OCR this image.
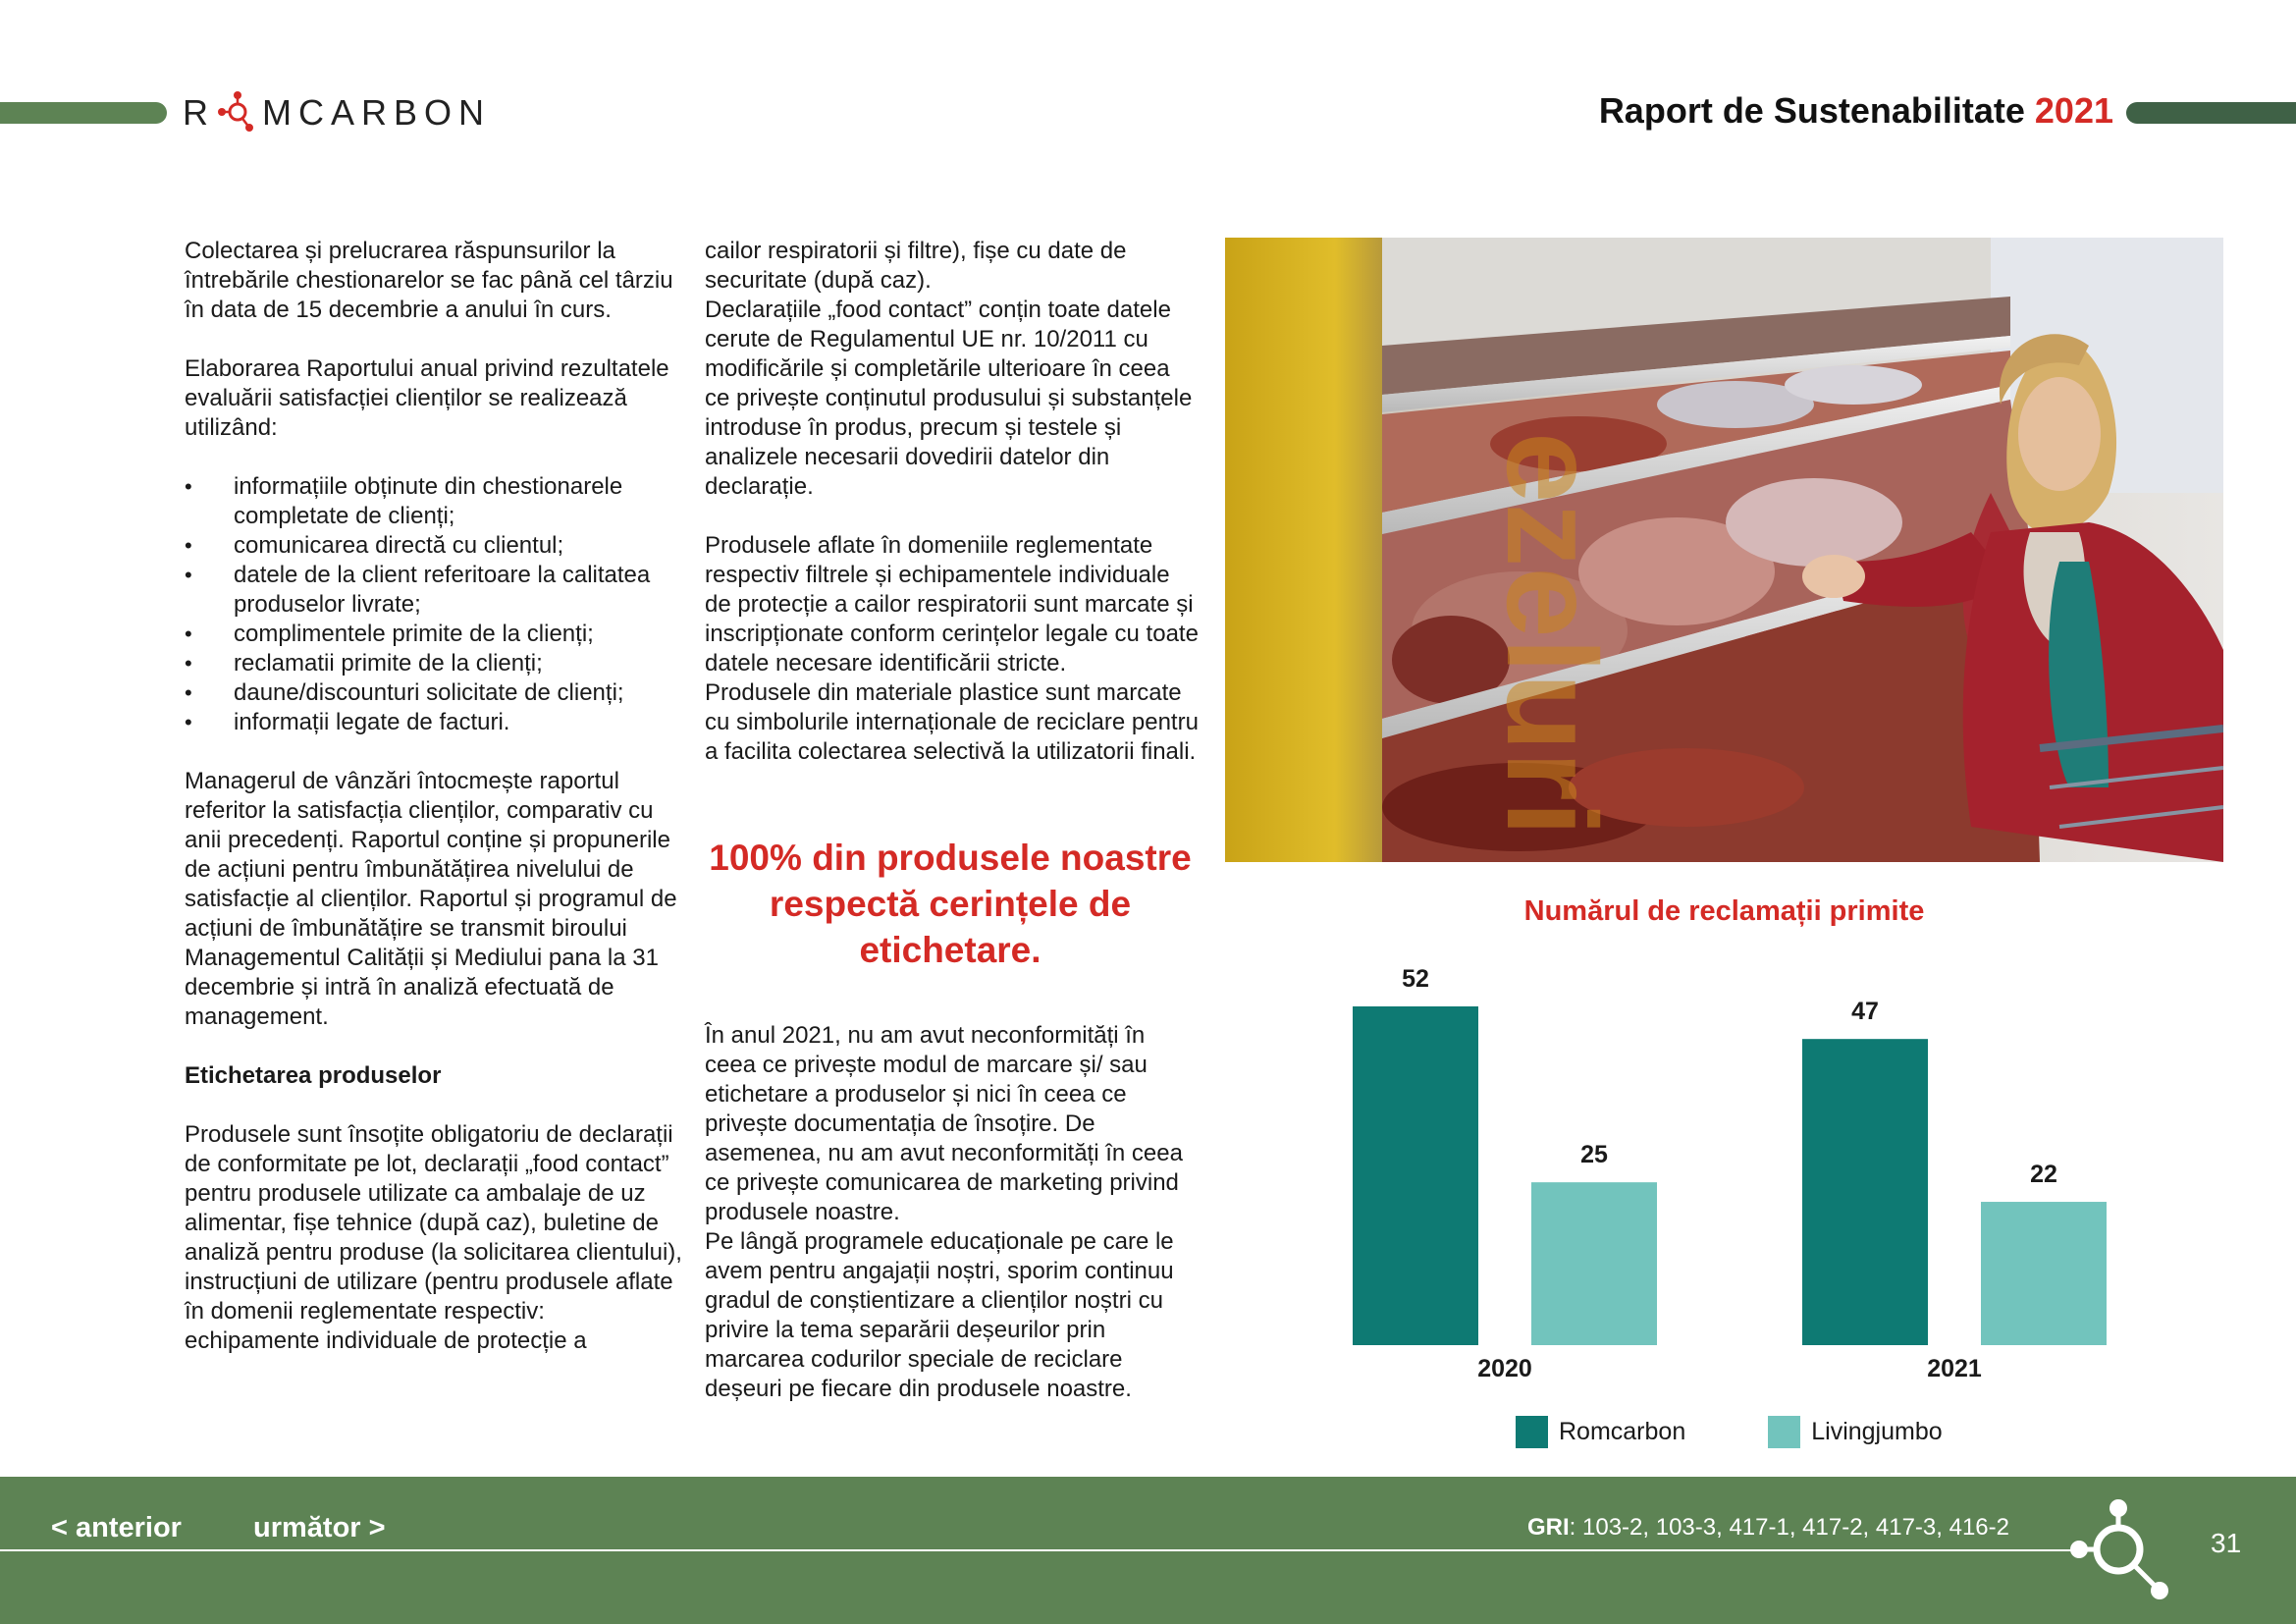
R MCARBON	Raport de Sustenabilitate 2021

Colectarea și prelucrarea răspunsurilor la întrebările chestionarelor se fac până cel târziu în data de 15 decembrie a anului în curs.

Elaborarea Raportului anual privind rezultatele evaluării satisfacției clienților se realizează utilizând:

• informațiile obținute din chestionarele completate de clienți;
• comunicarea directă cu clientul;
• datele de la client referitoare la calitatea produselor livrate;
• complimentele primite de la clienți;
• reclamatii primite de la clienți;
• daune/discounturi solicitate de clienți;
• informații legate de facturi.

Managerul de vânzări întocmește raportul referitor la satisfacția clienților, comparativ cu anii precedenți. Raportul conține și propunerile de acțiuni pentru îmbunătățirea nivelului de satisfacție al clienților. Raportul și programul de acțiuni de îmbunătățire se transmit biroului Managementul Calității și Mediului pana la 31 decembrie și intră în analiză efectuată de management.

Etichetarea produselor

Produsele sunt însoțite obligatoriu de declarații de conformitate pe lot, declarații „food contact” pentru produsele utilizate ca ambalaje de uz alimentar, fișe tehnice (după caz), buletine de analiză pentru produse (la solicitarea clientului), instrucțiuni de utilizare (pentru produsele aflate în domenii reglementate respectiv: echipamente individuale de protecție a

cailor respiratorii și filtre), fișe cu date de securitate (după caz).

Declarațiile „food contact” conțin toate datele cerute de Regulamentul UE nr. 10/2011 cu modificările și completările ulterioare în ceea ce privește conținutul produsului și substanțele introduse în produs, precum și testele și analizele necesarii dovedirii datelor din declarație.

Produsele aflate în domeniile reglementate respectiv filtrele și echipamentele individuale de protecție a cailor respiratorii sunt marcate și inscripționate conform cerințelor legale cu toate datele necesare identificării stricte.

Produsele din materiale plastice sunt marcate cu simbolurile internaționale de reciclare pentru a facilita colectarea selectivă la utilizatorii finali.

100% din produsele noastre respectă cerințele de etichetare.

În anul 2021, nu am avut neconformități în ceea ce privește modul de marcare și/ sau etichetare a produselor și nici în ceea ce privește documentația de însoțire. De asemenea, nu am avut neconformități în ceea ce privește comunicarea de marketing privind produsele noastre.

Pe lângă programele educaționale pe care le avem pentru angajații noștri, sporim continuu gradul de conștientizare a clienților noștri cu privire la tema separării deșeurilor prin marcarea codurilor speciale de reciclare deșeuri pe fiecare din produsele noastre.

ezeluri
Numărul de reclamații primite
52
25
2020
47
22
2021
Romcarbon	Livingjumbo
< anterior	următor >	GRI: 103-2, 103-3, 417-1, 417-2, 417-3, 416-2
31
